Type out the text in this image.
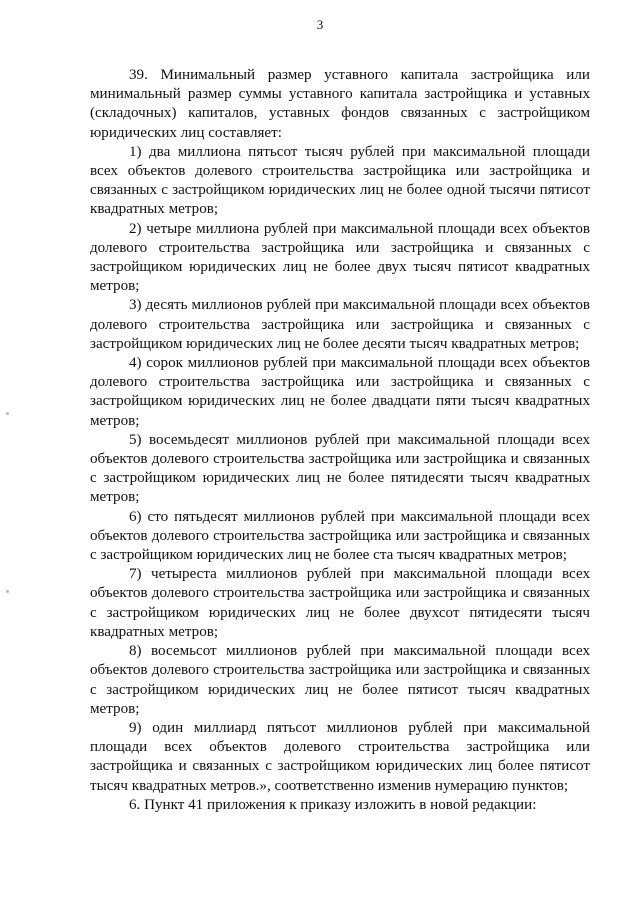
3

39. Минимальный размер уставного капитала застройщика или минимальный размер суммы уставного капитала застройщика и уставных (складочных) капиталов, уставных фондов связанных с застройщиком юридических лиц составляет:

1) два миллиона пятьсот тысяч рублей при максимальной площади всех объектов долевого строительства застройщика или застройщика и связанных с застройщиком юридических лиц не более одной тысячи пятисот квадратных метров;

2) четыре миллиона рублей при максимальной площади всех объектов долевого строительства застройщика или застройщика и связанных с застройщиком юридических лиц не более двух тысяч пятисот квадратных метров;

3) десять миллионов рублей при максимальной площади всех объектов долевого строительства застройщика или застройщика и связанных с застройщиком юридических лиц не более десяти тысяч квадратных метров;

4) сорок миллионов рублей при максимальной площади всех объектов долевого строительства застройщика или застройщика и связанных с застройщиком юридических лиц не более двадцати пяти тысяч квадратных метров;

5) восемьдесят миллионов рублей при максимальной площади всех объектов долевого строительства застройщика или застройщика и связанных с застройщиком юридических лиц не более пятидесяти тысяч квадратных метров;

6) сто пятьдесят миллионов рублей при максимальной площади всех объектов долевого строительства застройщика или застройщика и связанных с застройщиком юридических лиц не более ста тысяч квадратных метров;

7) четыреста миллионов рублей при максимальной площади всех объектов долевого строительства застройщика или застройщика и связанных с застройщиком юридических лиц не более двухсот пятидесяти тысяч квадратных метров;

8) восемьсот миллионов рублей при максимальной площади всех объектов долевого строительства застройщика или застройщика и связанных с застройщиком юридических лиц не более пятисот тысяч квадратных метров;

9) один миллиард пятьсот миллионов рублей при максимальной площади всех объектов долевого строительства застройщика или застройщика и связанных с застройщиком юридических лиц более пятисот тысяч квадратных метров.», соответственно изменив нумерацию пунктов;

6. Пункт 41 приложения к приказу изложить в новой редакции:
